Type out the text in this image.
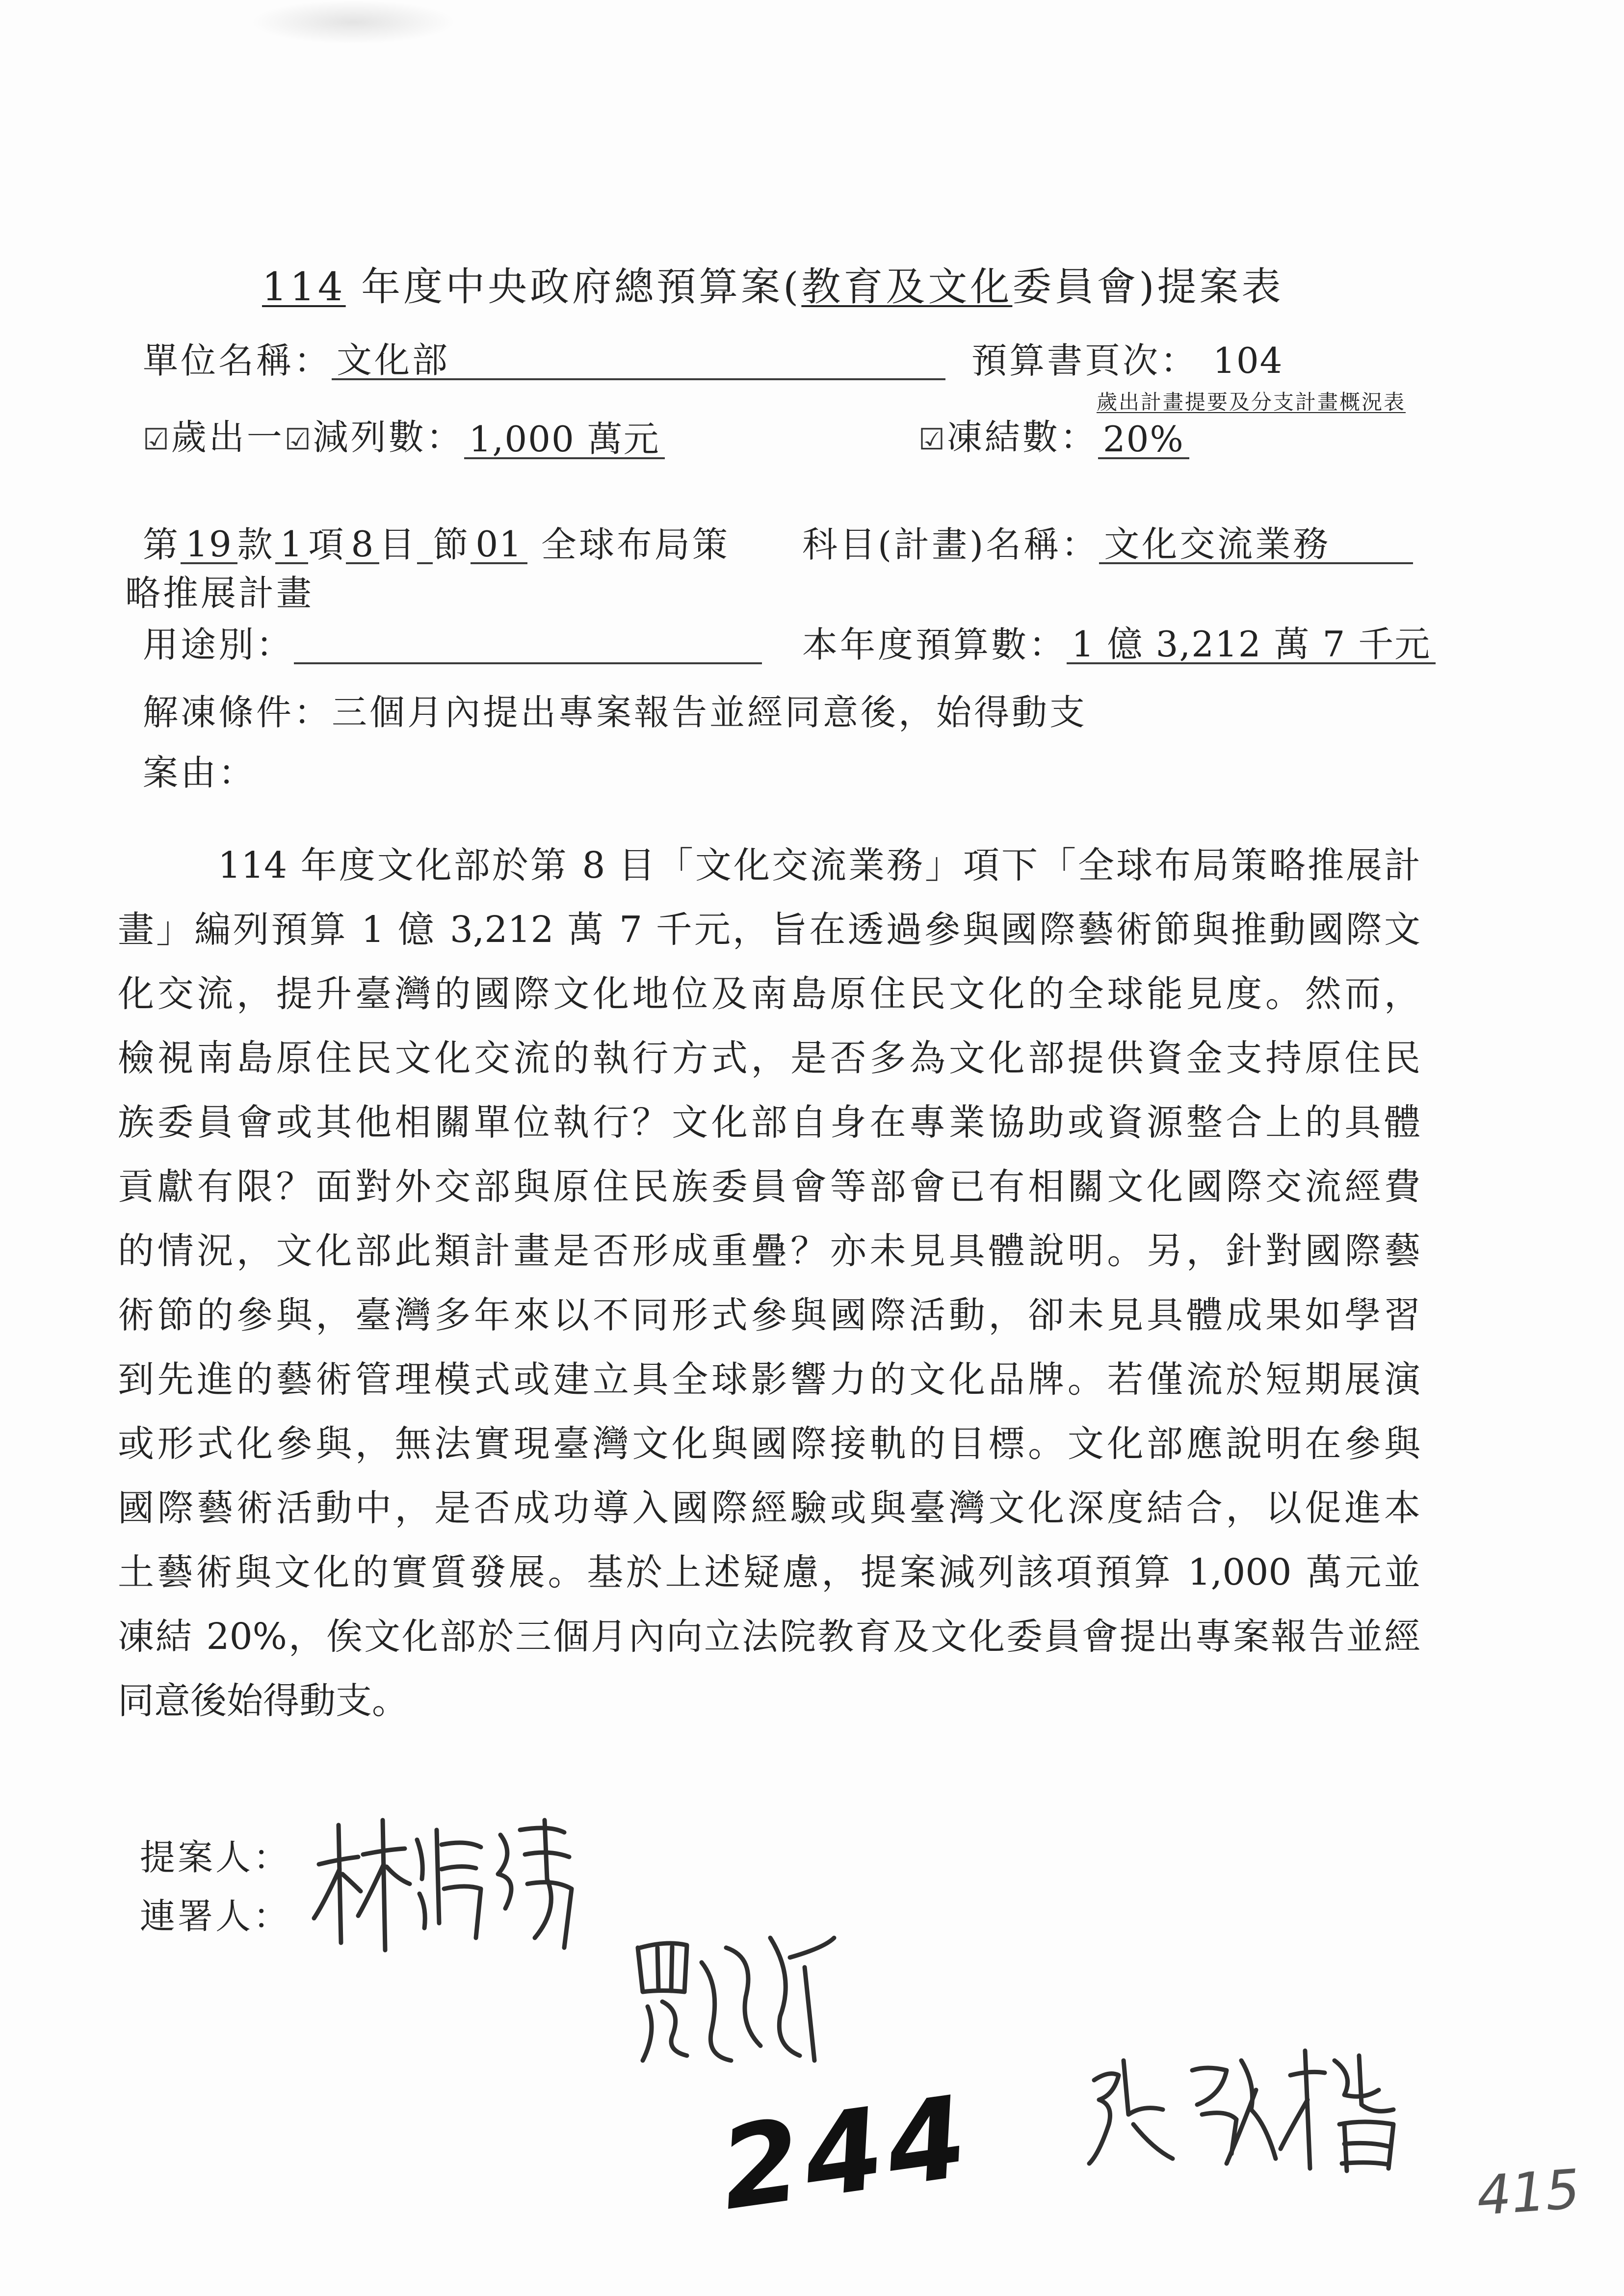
114 年度中央政府總預算案(教育及文化委員會)提案表
單位名稱： 文化部	預算書頁次： 104
歲出計畫提要及分支計畫概況表
☑歲出一 ☑ 減列數： 1,000 萬元 ☑	凍結數： 20%
第 19 款 1 項 8 目 節 01 全球布局策 科目(計畫)名稱： 文化交流業務
略推展計畫
用途別：	本年度預算數： 1 億 3,212 萬 7 千元
解凍條件：三個月內提出專案報告並經同意後，始得動支
案由：
114 年度文化部於第 8 目「文化交流業務」項下「全球布局策略推展計
畫」編列預算 1 億 3,212 萬 7 千元，旨在透過參與國際藝術節與推動國際文
化交流，提升臺灣的國際文化地位及南島原住民文化的全球能見度。然而，
檢視南島原住民文化交流的執行方式，是否多為文化部提供資金支持原住民
族委員會或其他相關單位執行？文化部自身在專業協助或資源整合上的具體
貢獻有限？面對外交部與原住民族委員會等部會已有相關文化國際交流經費
的情況，文化部此類計畫是否形成重疊？亦未見具體說明。另，針對國際藝
術節的參與，臺灣多年來以不同形式參與國際活動，卻未見具體成果如學習
到先進的藝術管理模式或建立具全球影響力的文化品牌。若僅流於短期展演
或形式化參與，無法實現臺灣文化與國際接軌的目標。文化部應說明在參與
國際藝術活動中，是否成功導入國際經驗或與臺灣文化深度結合，以促進本
土藝術與文化的實質發展。基於上述疑慮，提案減列該項預算 1,000 萬元並
凍結 20%，俟文化部於三個月內向立法院教育及文化委員會提出專案報告並經
同意後始得動支。
提案人：
連署人：
244	415
